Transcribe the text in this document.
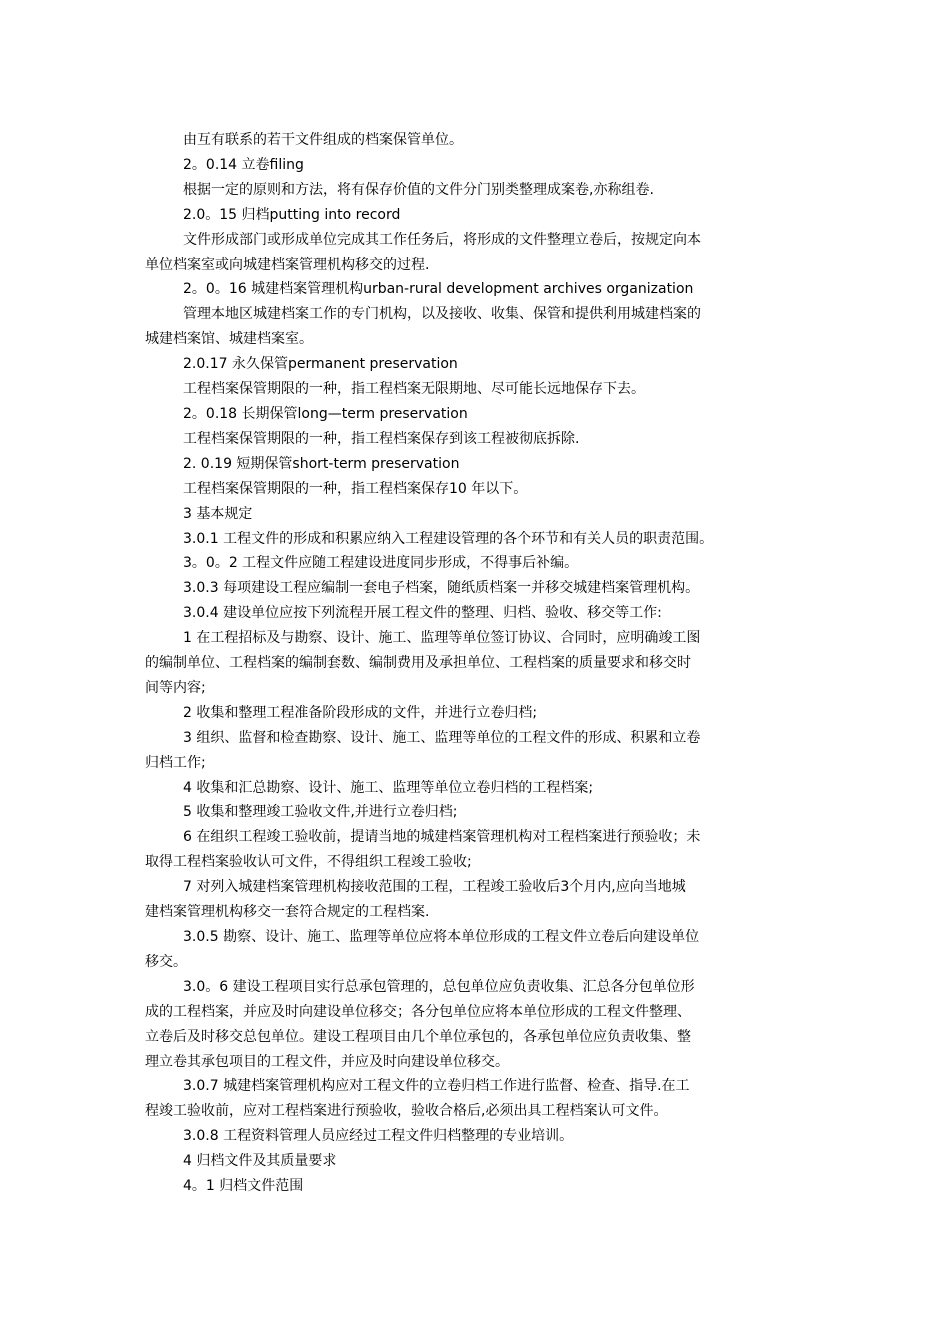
由互有联系的若干文件组成的档案保管单位。

2。0.14 立卷filing

根据一定的原则和方法，将有保存价值的文件分门别类整理成案卷,亦称组卷.

2.0。15 归档putting into record

文件形成部门或形成单位完成其工作任务后，将形成的文件整理立卷后，按规定向本

单位档案室或向城建档案管理机构移交的过程.

2。0。16 城建档案管理机构urban-rural development archives organization

管理本地区城建档案工作的专门机构，以及接收、收集、保管和提供利用城建档案的

城建档案馆、城建档案室。

2.0.17 永久保管permanent preservation

工程档案保管期限的一种，指工程档案无限期地、尽可能长远地保存下去。

2。0.18 长期保管long—term preservation

工程档案保管期限的一种，指工程档案保存到该工程被彻底拆除.

2. 0.19 短期保管short-term preservation

工程档案保管期限的一种，指工程档案保存10 年以下。

3 基本规定

3.0.1 工程文件的形成和积累应纳入工程建设管理的各个环节和有关人员的职责范围。

3。0。2 工程文件应随工程建设进度同步形成，不得事后补编。

3.0.3 每项建设工程应编制一套电子档案，随纸质档案一并移交城建档案管理机构。

3.0.4 建设单位应按下列流程开展工程文件的整理、归档、验收、移交等工作:

1 在工程招标及与勘察、设计、施工、监理等单位签订协议、合同时，应明确竣工图

的编制单位、工程档案的编制套数、编制费用及承担单位、工程档案的质量要求和移交时

间等内容;

2 收集和整理工程准备阶段形成的文件，并进行立卷归档;

3 组织、监督和检查勘察、设计、施工、监理等单位的工程文件的形成、积累和立卷

归档工作;

4 收集和汇总勘察、设计、施工、监理等单位立卷归档的工程档案;

5 收集和整理竣工验收文件,并进行立卷归档;

6 在组织工程竣工验收前，提请当地的城建档案管理机构对工程档案进行预验收；未

取得工程档案验收认可文件，不得组织工程竣工验收;

7 对列入城建档案管理机构接收范围的工程，工程竣工验收后3个月内,应向当地城

建档案管理机构移交一套符合规定的工程档案.

3.0.5 勘察、设计、施工、监理等单位应将本单位形成的工程文件立卷后向建设单位

移交。

3.0。6 建设工程项目实行总承包管理的，总包单位应负责收集、汇总各分包单位形

成的工程档案，并应及时向建设单位移交；各分包单位应将本单位形成的工程文件整理、

立卷后及时移交总包单位。建设工程项目由几个单位承包的，各承包单位应负责收集、整

理立卷其承包项目的工程文件，并应及时向建设单位移交。

3.0.7 城建档案管理机构应对工程文件的立卷归档工作进行监督、检查、指导.在工

程竣工验收前，应对工程档案进行预验收，验收合格后,必须出具工程档案认可文件。

3.0.8 工程资料管理人员应经过工程文件归档整理的专业培训。

4 归档文件及其质量要求

4。1 归档文件范围
